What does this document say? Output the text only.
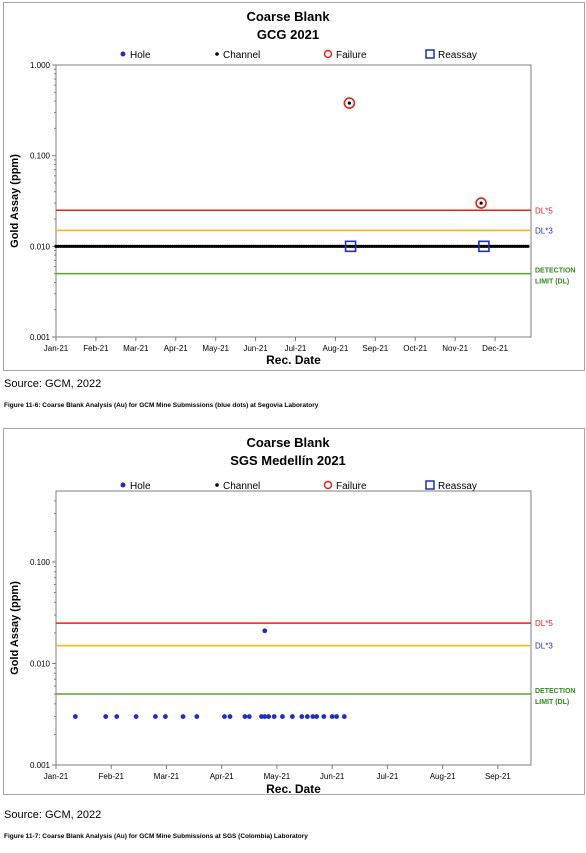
Coarse Blank
GCG 2021
Hole	Channel	Failure	Reassay
1.000
0.100
0.010
0.001
Jan-21 Feb-21 Mar-21 Apr-21 May-21 Jun-21 Jul-21 Aug-21 Sep-21 Oct-21 Nov-21 Dec-21
Rec. Date
Gold Assay (ppm)	DL*5
DL*3
DETECTION
LIMIT (DL)
Source: GCM, 2022
Figure 11-6: Coarse Blank Analysis (Au) for GCM Mine Submissions (blue dots) at Segovia Laboratory
Coarse Blank
SGS Medellín 2021
Hole	Channel	Failure	Reassay
0.100
0.010
0.001
Jan-21	Feb-21	Mar-21	Apr-21	May-21	Jun-21	Jul-21	Aug-21	Sep-21
Rec. Date
Gold Assay (ppm)	DL*5
DL*3
DETECTION
LIMIT (DL)
Source: GCM, 2022
Figure 11-7: Coarse Blank Analysis (Au) for GCM Mine Submissions at SGS (Colombia) Laboratory
